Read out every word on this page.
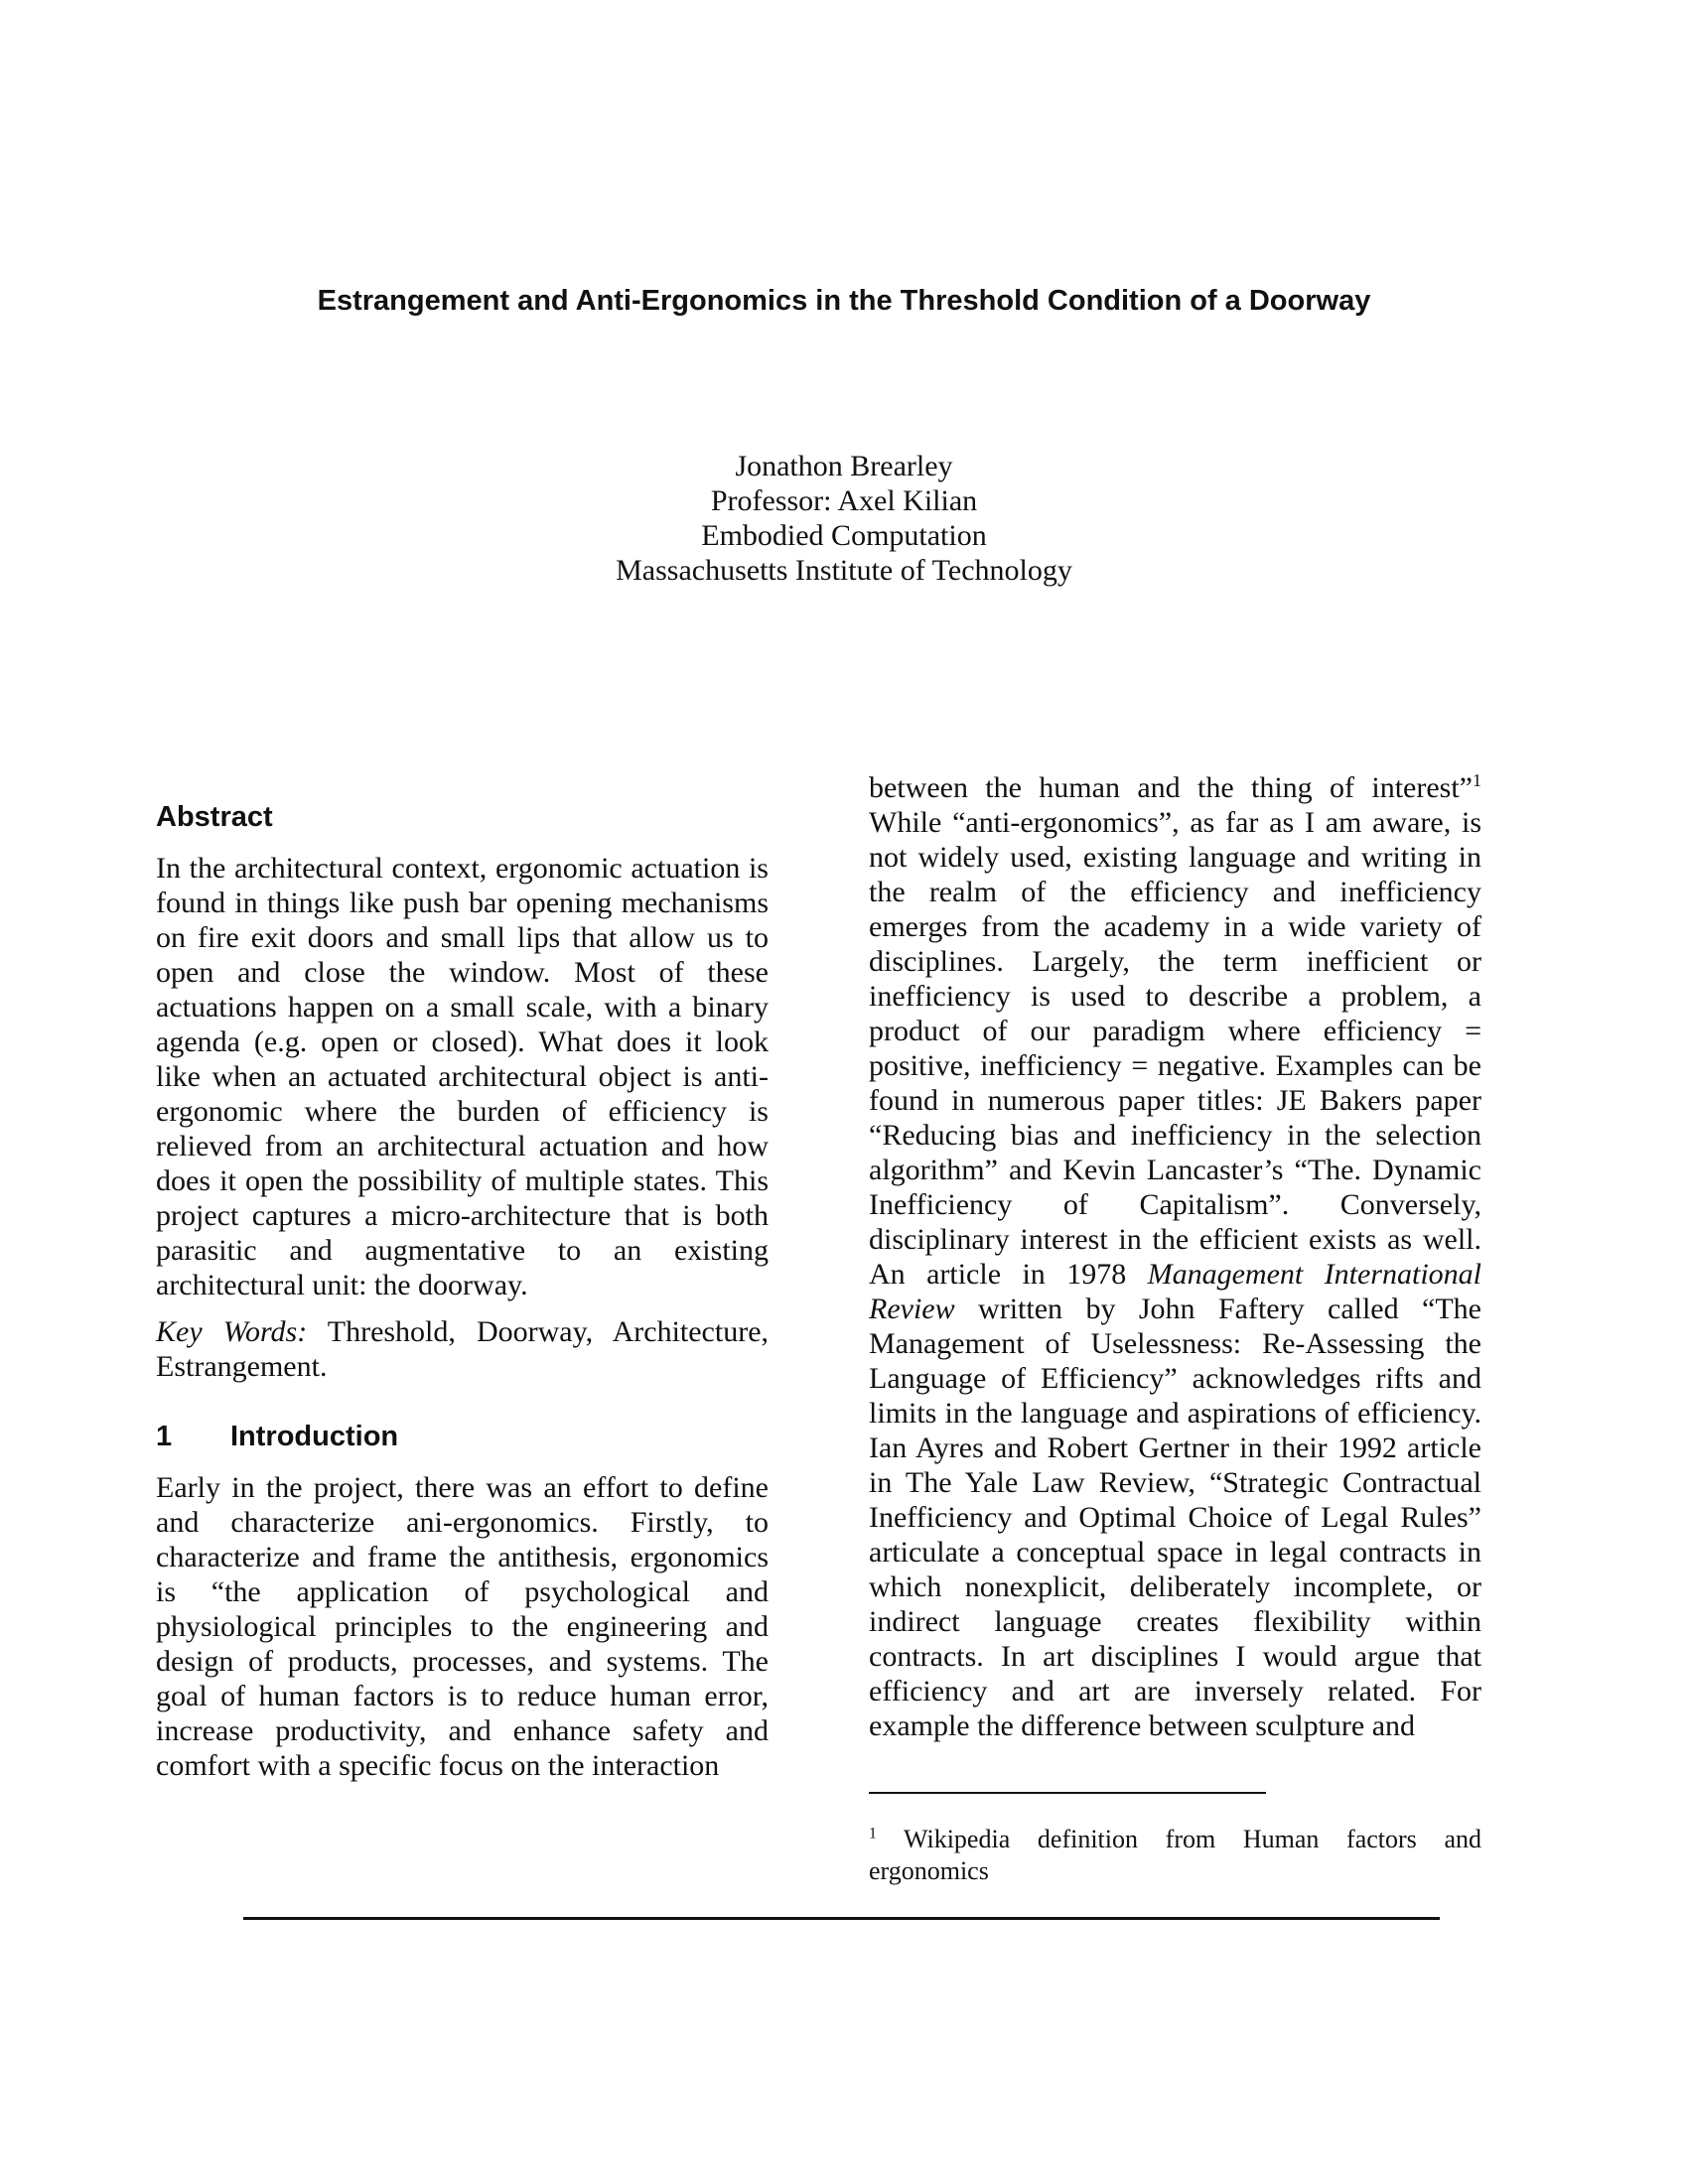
Estrangement and Anti-Ergonomics in the Threshold Condition of a Doorway
Jonathon Brearley
Professor: Axel Kilian
Embodied Computation
Massachusetts Institute of Technology
Abstract

In the architectural context, ergonomic actuation is found in things like push bar opening mechanisms on fire exit doors and small lips that allow us to open and close the window. Most of these actuations happen on a small scale, with a binary agenda (e.g. open or closed). What does it look like when an actuated architectural object is anti-ergonomic where the burden of efficiency is relieved from an architectural actuation and how does it open the possibility of multiple states. This project captures a micro-architecture that is both parasitic and augmentative to an existing architectural unit: the doorway.

Key Words: Threshold, Doorway, Architecture, Estrangement.

1	Introduction

Early in the project, there was an effort to define and characterize ani-ergonomics. Firstly, to characterize and frame the antithesis, ergonomics is “the application of psychological and physiological principles to the engineering and design of products, processes, and systems. The goal of human factors is to reduce human error, increase productivity, and enhance safety and comfort with a specific focus on the interaction

between the human and the thing of interest”$^1$ While “anti-ergonomics”, as far as I am aware, is not widely used, existing language and writing in the realm of the efficiency and inefficiency emerges from the academy in a wide variety of disciplines. Largely, the term inefficient or inefficiency is used to describe a problem, a product of our paradigm where efficiency = positive, inefficiency = negative. Examples can be found in numerous paper titles: JE Bakers paper “Reducing bias and inefficiency in the selection algorithm” and Kevin Lancaster’s “The. Dynamic Inefficiency of Capitalism”. Conversely, disciplinary interest in the efficient exists as well. An article in 1978 Management International Review written by John Faftery called “The Management of Uselessness: Re-Assessing the Language of Efficiency” acknowledges rifts and limits in the language and aspirations of efficiency. Ian Ayres and Robert Gertner in their 1992 article in The Yale Law Review, “Strategic Contractual Inefficiency and Optimal Choice of Legal Rules” articulate a conceptual space in legal contracts in which nonexplicit, deliberately incomplete, or indirect language creates flexibility within contracts. In art disciplines I would argue that efficiency and art are inversely related. For example the difference between sculpture and

$^1$ Wikipedia definition from Human factors and ergonomics
